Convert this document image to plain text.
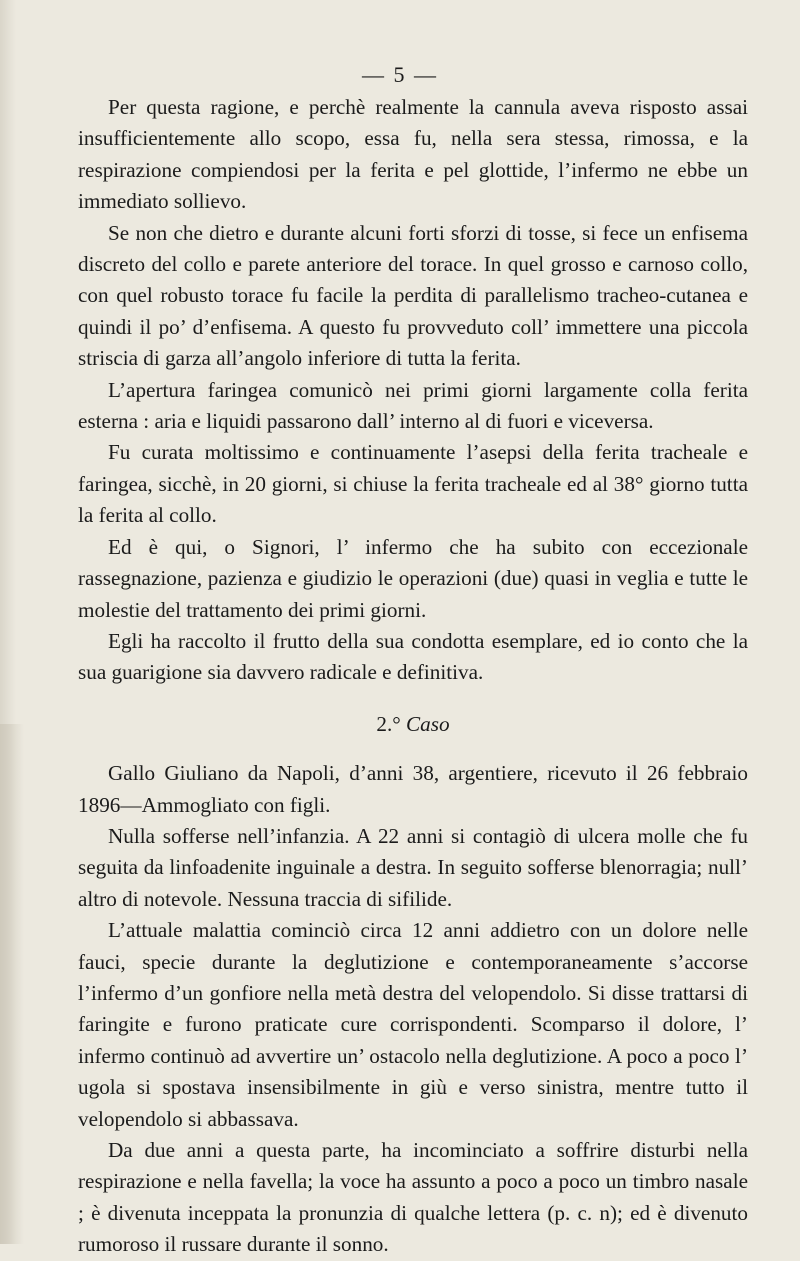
— 5 —

Per questa ragione, e perchè realmente la cannula aveva risposto assai insufficientemente allo scopo, essa fu, nella sera stessa, rimossa, e la respirazione compiendosi per la ferita e pel glottide, l’infermo ne ebbe un immediato sollievo.

Se non che dietro e durante alcuni forti sforzi di tosse, si fece un enfisema discreto del collo e parete anteriore del torace. In quel grosso e carnoso collo, con quel robusto torace fu facile la perdita di parallelismo tracheo-cutanea e quindi il po’ d’enfisema. A questo fu provveduto coll’ immettere una piccola striscia di garza all’angolo inferiore di tutta la ferita.

L’apertura faringea comunicò nei primi giorni largamente colla ferita esterna : aria e liquidi passarono dall’ interno al di fuori e viceversa.

Fu curata moltissimo e continuamente l’asepsi della ferita tracheale e faringea, sicchè, in 20 giorni, si chiuse la ferita tracheale ed al 38° giorno tutta la ferita al collo.

Ed è qui, o Signori, l’ infermo che ha subito con eccezionale rassegnazione, pazienza e giudizio le operazioni (due) quasi in veglia e tutte le molestie del trattamento dei primi giorni.

Egli ha raccolto il frutto della sua condotta esemplare, ed io conto che la sua guarigione sia davvero radicale e definitiva.

2.° Caso

Gallo Giuliano da Napoli, d’anni 38, argentiere, ricevuto il 26 febbraio 1896—Ammogliato con figli.

Nulla sofferse nell’infanzia. A 22 anni si contagiò di ulcera molle che fu seguita da linfoadenite inguinale a destra. In seguito sofferse blenorragia; null’ altro di notevole. Nessuna traccia di sifilide.

L’attuale malattia cominciò circa 12 anni addietro con un dolore nelle fauci, specie durante la deglutizione e contemporaneamente s’accorse l’infermo d’un gonfiore nella metà destra del velopendolo. Si disse trattarsi di faringite e furono praticate cure corrispondenti. Scomparso il dolore, l’ infermo continuò ad avvertire un’ ostacolo nella deglutizione. A poco a poco l’ ugola si spostava insensibilmente in giù e verso sinistra, mentre tutto il velopendolo si abbassava.

Da due anni a questa parte, ha incominciato a soffrire disturbi nella respirazione e nella favella; la voce ha assunto a poco a poco un timbro nasale ; è divenuta inceppata la pronunzia di qualche lettera (p. c. n); ed è divenuto rumoroso il russare durante il sonno.
